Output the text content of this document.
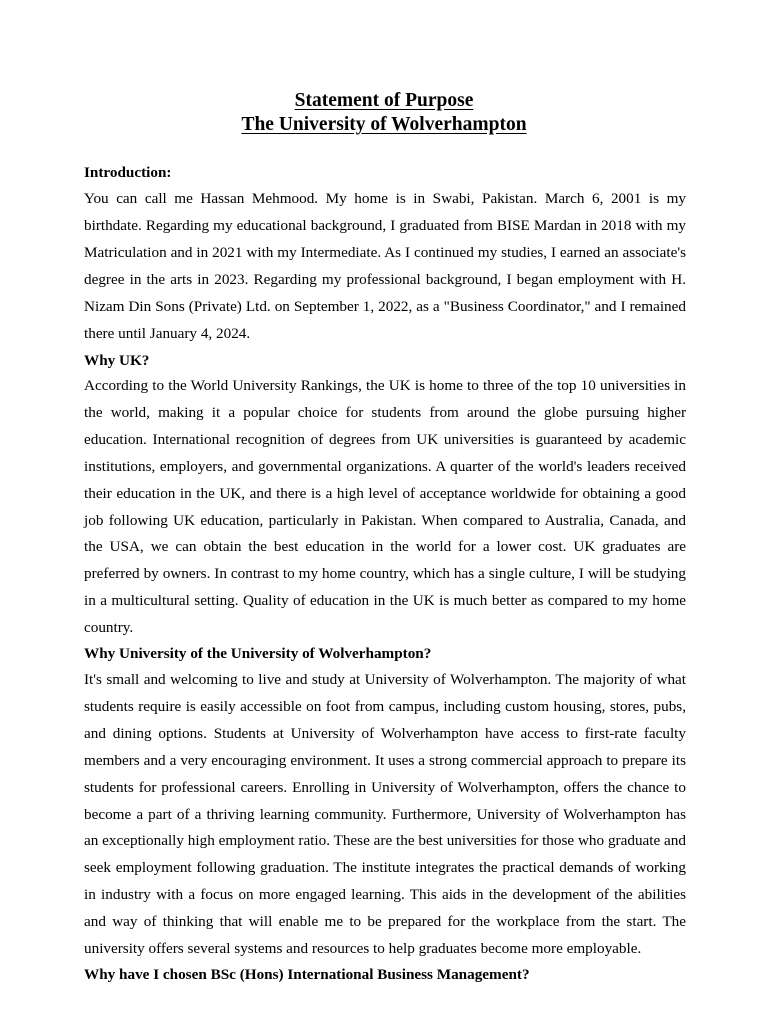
Statement of Purpose
The University of Wolverhampton
Introduction:

You can call me Hassan Mehmood. My home is in Swabi, Pakistan. March 6, 2001 is my birthdate. Regarding my educational background, I graduated from BISE Mardan in 2018 with my Matriculation and in 2021 with my Intermediate. As I continued my studies, I earned an associate's degree in the arts in 2023. Regarding my professional background, I began employment with H. Nizam Din Sons (Private) Ltd. on September 1, 2022, as a "Business Coordinator," and I remained there until January 4, 2024.

Why UK?

According to the World University Rankings, the UK is home to three of the top 10 universities in the world, making it a popular choice for students from around the globe pursuing higher education. International recognition of degrees from UK universities is guaranteed by academic institutions, employers, and governmental organizations. A quarter of the world's leaders received their education in the UK, and there is a high level of acceptance worldwide for obtaining a good job following UK education, particularly in Pakistan. When compared to Australia, Canada, and the USA, we can obtain the best education in the world for a lower cost. UK graduates are preferred by owners. In contrast to my home country, which has a single culture, I will be studying in a multicultural setting. Quality of education in the UK is much better as compared to my home country.

Why University of the University of Wolverhampton?

It's small and welcoming to live and study at University of Wolverhampton. The majority of what students require is easily accessible on foot from campus, including custom housing, stores, pubs, and dining options. Students at University of Wolverhampton have access to first-rate faculty members and a very encouraging environment. It uses a strong commercial approach to prepare its students for professional careers. Enrolling in University of Wolverhampton, offers the chance to become a part of a thriving learning community. Furthermore, University of Wolverhampton has an exceptionally high employment ratio. These are the best universities for those who graduate and seek employment following graduation. The institute integrates the practical demands of working in industry with a focus on more engaged learning. This aids in the development of the abilities and way of thinking that will enable me to be prepared for the workplace from the start. The university offers several systems and resources to help graduates become more employable.

Why have I chosen BSc (Hons) International Business Management?
